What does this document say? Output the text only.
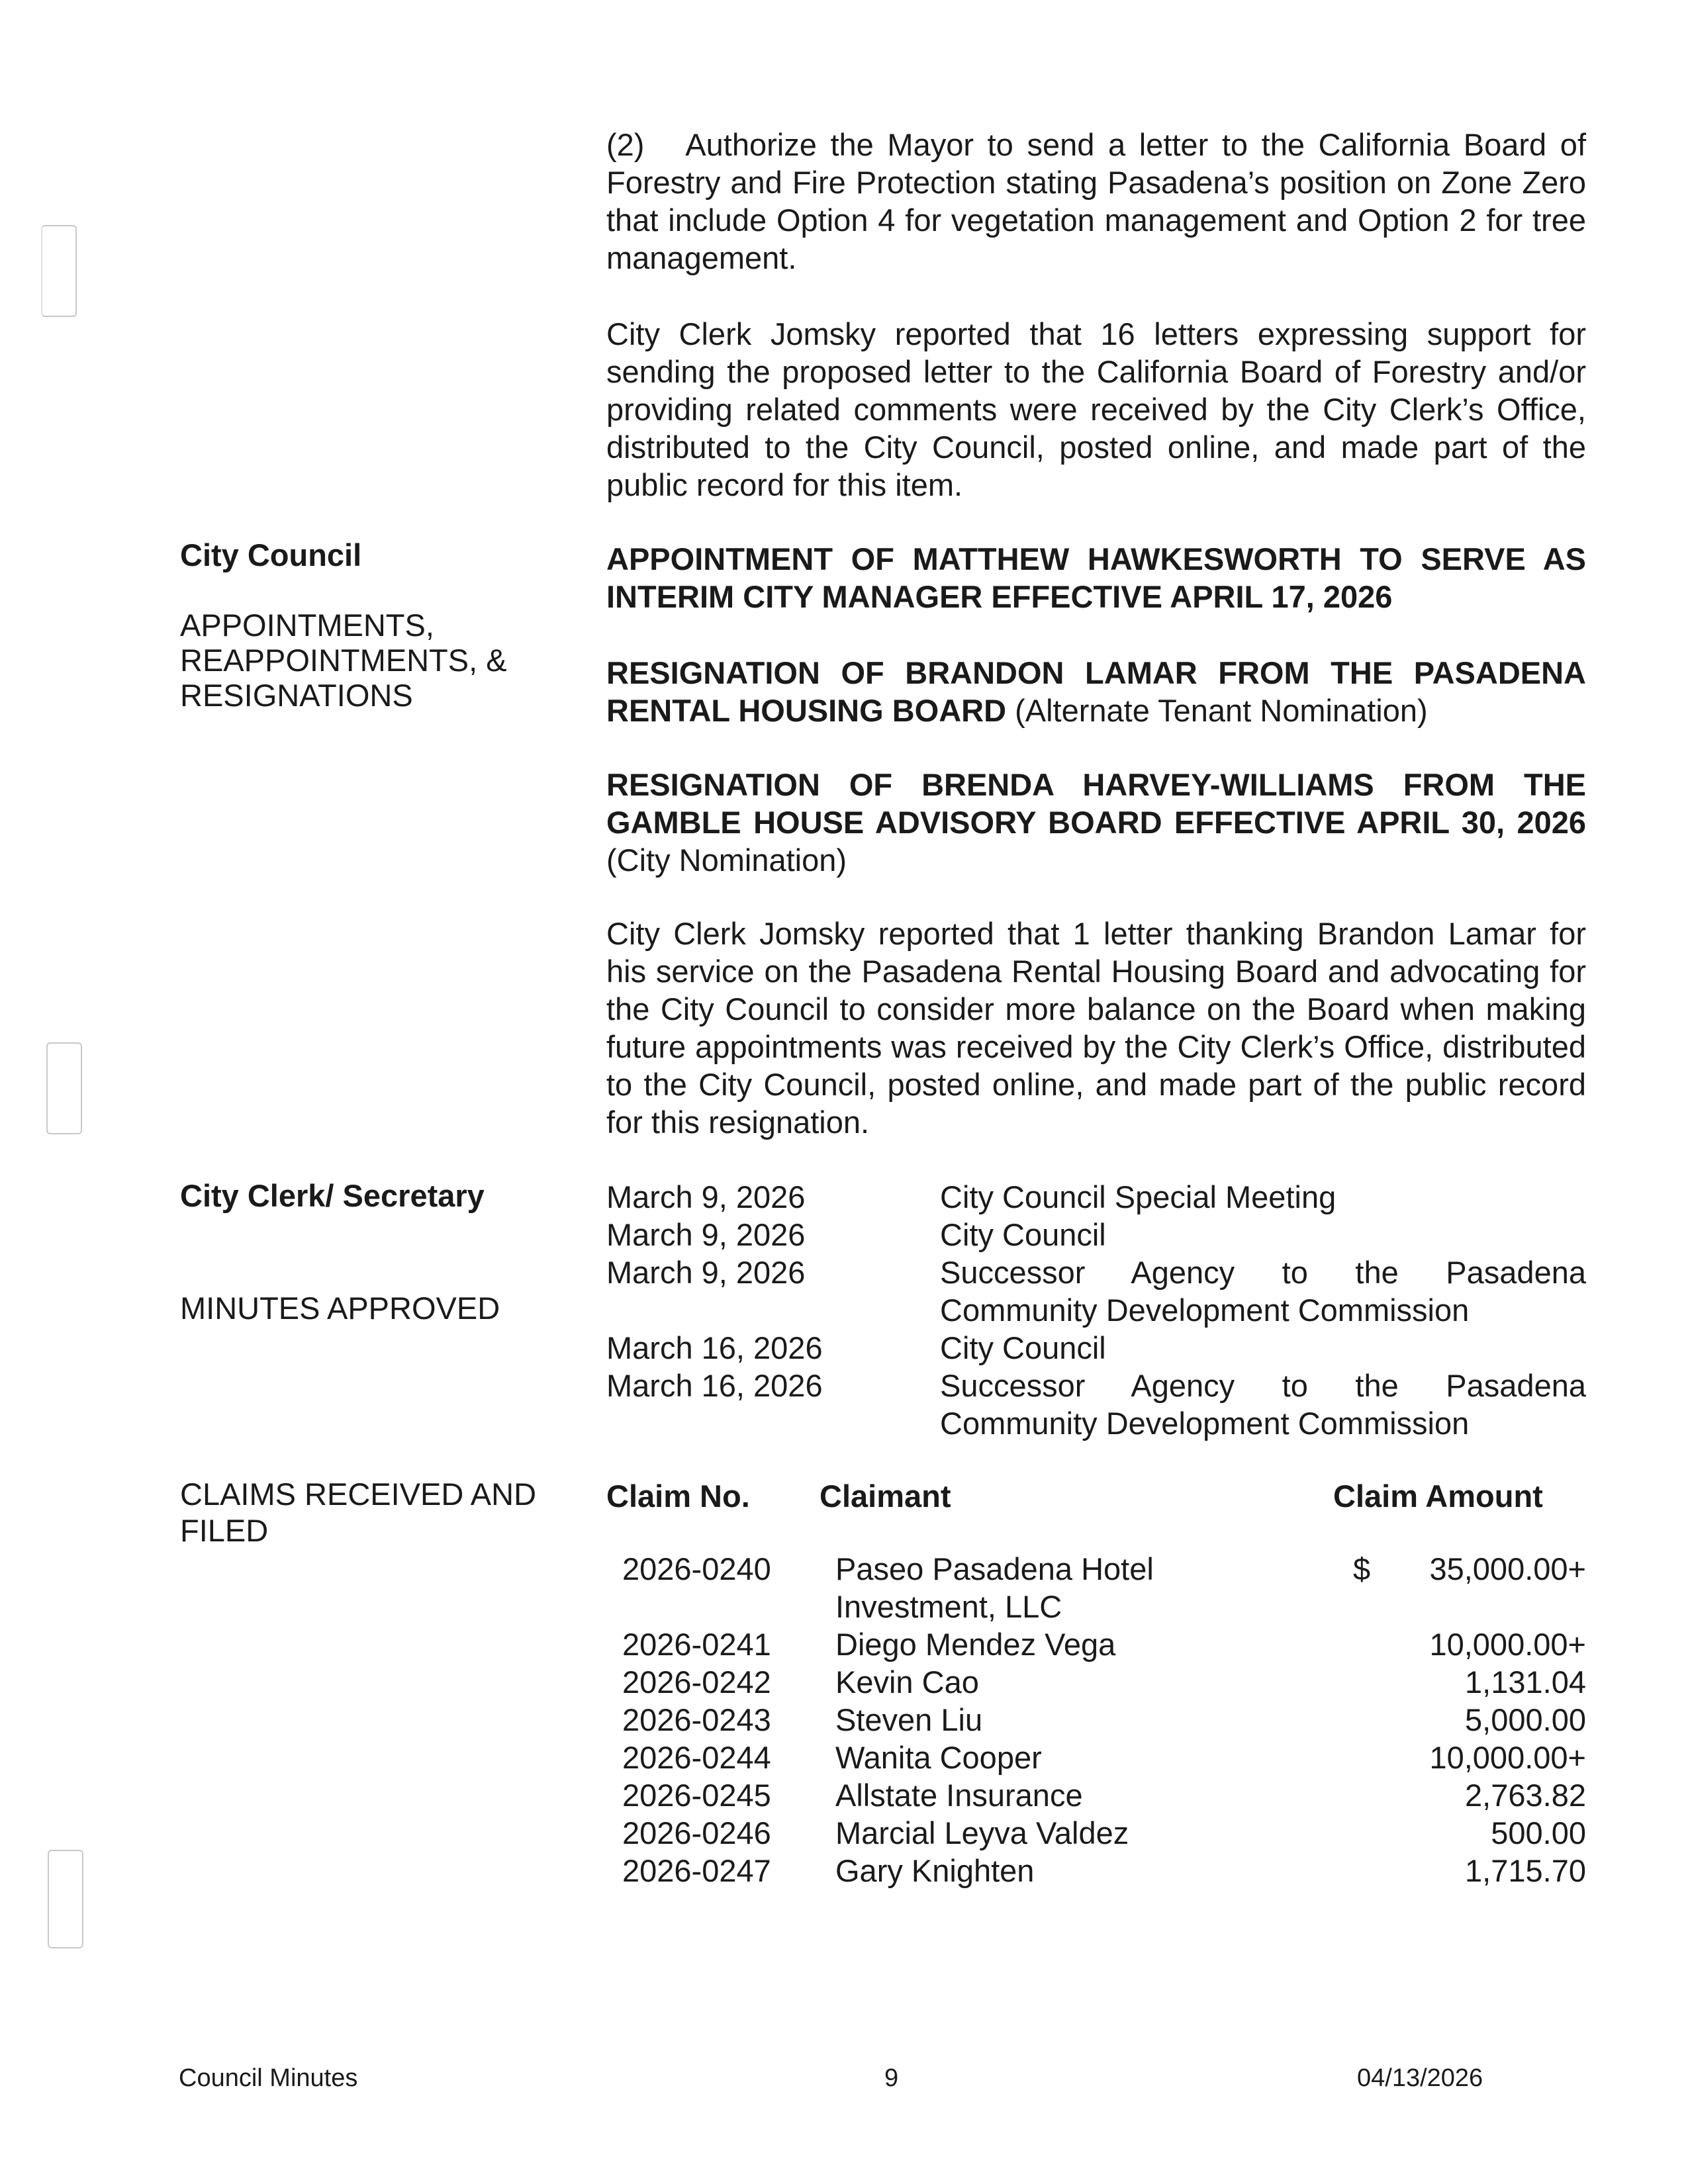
(2)   Authorize the Mayor to send a letter to the California Board of Forestry and Fire Protection stating Pasadena’s position on Zone Zero that include Option 4 for vegetation management and Option 2 for tree management.

City Clerk Jomsky reported that 16 letters expressing support for sending the proposed letter to the California Board of Forestry and/or providing related comments were received by the City Clerk’s Office, distributed to the City Council, posted online, and made part of the public record for this item.

City Council
APPOINTMENTS,
REAPPOINTMENTS, &
RESIGNATIONS

APPOINTMENT OF MATTHEW HAWKESWORTH TO SERVE AS INTERIM CITY MANAGER EFFECTIVE APRIL 17, 2026

RESIGNATION OF BRANDON LAMAR FROM THE PASADENA RENTAL HOUSING BOARD (Alternate Tenant Nomination)

RESIGNATION OF BRENDA HARVEY-WILLIAMS FROM THE GAMBLE HOUSE ADVISORY BOARD EFFECTIVE APRIL 30, 2026 (City Nomination)

City Clerk Jomsky reported that 1 letter thanking Brandon Lamar for his service on the Pasadena Rental Housing Board and advocating for the City Council to consider more balance on the Board when making future appointments was received by the City Clerk’s Office, distributed to the City Council, posted online, and made part of the public record for this resignation.

City Clerk/ Secretary
MINUTES APPROVED
March 9, 2026	City Council Special Meeting
March 9, 2026	City Council
March 9, 2026	Successor Agency to the Pasadena
Community Development Commission
March 16, 2026	City Council
March 16, 2026	Successor Agency to the Pasadena
Community Development Commission
CLAIMS RECEIVED AND
FILED
Claim No. Claimant	Claim Amount
2026-0240 Paseo Pasadena Hotel	$ 35,000.00+
Investment, LLC
2026-0241 Diego Mendez Vega	10,000.00+
2026-0242 Kevin Cao	1,131.04
2026-0243 Steven Liu	5,000.00
2026-0244 Wanita Cooper	10,000.00+
2026-0245 Allstate Insurance	2,763.82
2026-0246 Marcial Leyva Valdez	500.00
2026-0247 Gary Knighten	1,715.70
Council Minutes	9	04/13/2026
